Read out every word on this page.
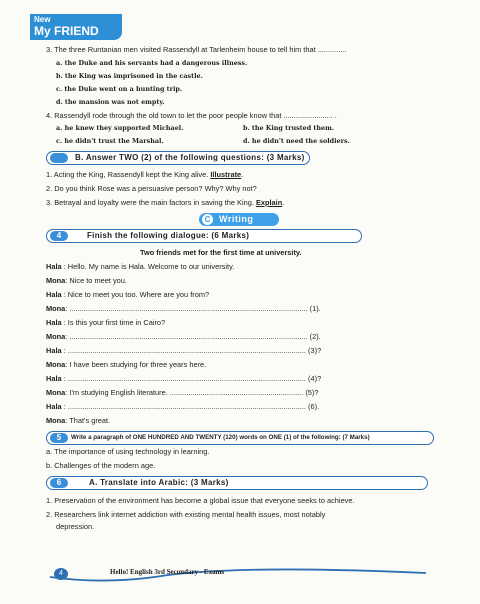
New
My FRIEND
3. The three Runtanian men visited Rassendyll at Tarlenheim house to tell him that ..............
a. the Duke and his servants had a dangerous illness.
b. the King was imprisoned in the castle.
c. the Duke went on a hunting trip.
d. the mansion was not empty.
4. Rassendyll rode through the old town to let the poor people know that ........................ .
a. he knew they supported Michael.	b. the King trusted them.
c. he didn't trust the Marshal.	d. he didn't need the soldiers.
B. Answer TWO (2) of the following questions: (3 Marks)
1. Acting the King, Rassendyll kept the King alive. Illustrate.
2. Do you think Rose was a persuasive person? Why? Why not?
3. Betrayal and loyalty were the main factors in saving the King. Explain.
C Writing
4	Finish the following dialogue: (6 Marks)
Two friends met for the first time at university.
Hala : Hello. My name is Hala. Welcome to our university.
Mona: Nice to meet you.
Hala : Nice to meet you too. Where are you from?
Mona: .................................................................................................................... (1).
Hala : Is this your first time in Cairo?
Mona: .................................................................................................................... (2).
Hala : .................................................................................................................... (3)?
Mona: I have been studying for three years here.
Hala : .................................................................................................................... (4)?
Mona: I'm studying English literature. ................................................................. (5)?
Hala : .................................................................................................................... (6).
Mona: That's great.
5	Write a paragraph of ONE HUNDRED AND TWENTY (120) words on ONE (1) of the following: (7 Marks)
a. The importance of using technology in learning.
b. Challenges of the modern age.
6	A. Translate into Arabic: (3 Marks)
1. Preservation of the environment has become a global issue that everyone seeks to achieve.
2. Researchers link internet addiction with existing mental health issues, most notably
depression.
4	Hello! English 3rd Secondary - Exams
